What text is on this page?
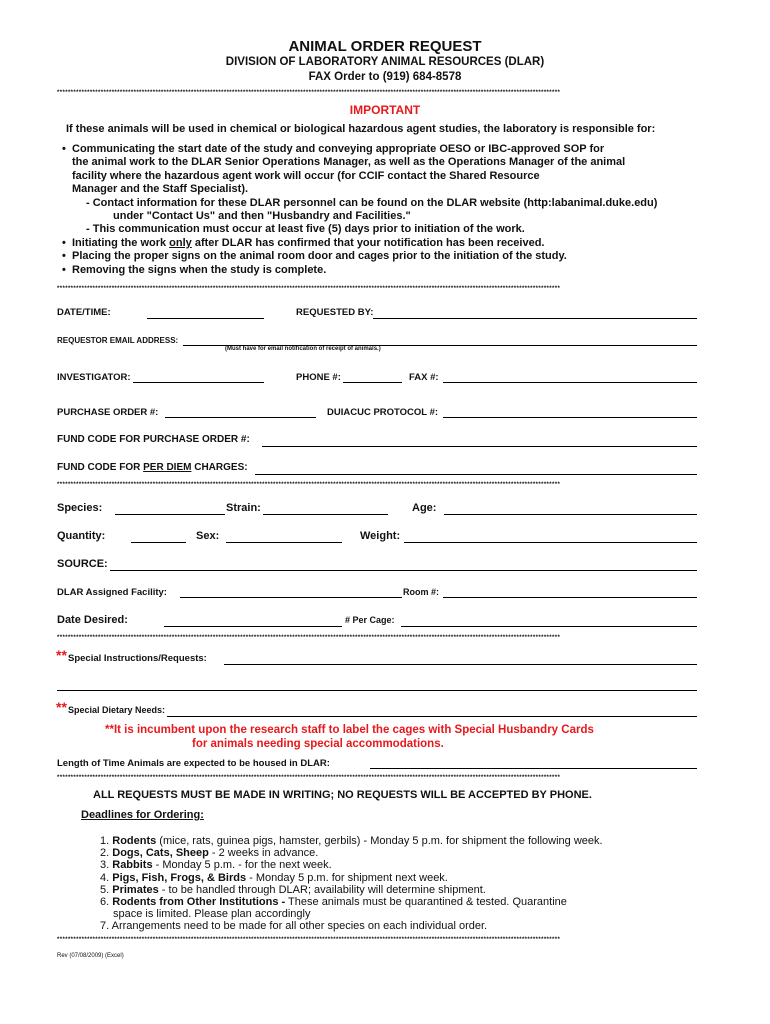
ANIMAL ORDER REQUEST
DIVISION OF LABORATORY ANIMAL RESOURCES (DLAR)
FAX Order to (919) 684-8578
****************************************************************************************************************************************************************************************
IMPORTANT
If these animals will be used in chemical or biological hazardous agent studies, the laboratory is responsible for:
• Communicating the start date of the study and conveying appropriate OESO or IBC-approved SOP for
the animal work to the DLAR Senior Operations Manager, as well as the Operations Manager of the animal
facility where the hazardous agent work will occur (for CCIF contact the Shared Resource
Manager and the Staff Specialist).
- Contact information for these DLAR personnel can be found on the DLAR website (http:labanimal.duke.edu)
under "Contact Us" and then "Husbandry and Facilities."
- This communication must occur at least five (5) days prior to initiation of the work.
• Initiating the work only after DLAR has confirmed that your notification has been received.
• Placing the proper signs on the animal room door and cages prior to the initiation of the study.
• Removing the signs when the study is complete.
****************************************************************************************************************************************************************************************
DATE/TIME:	REQUESTED BY:
REQUESTOR EMAIL ADDRESS:
(Must have for email notification of receipt of animals.)
INVESTIGATOR:	PHONE #:	FAX #:
PURCHASE ORDER #:	DUIACUC PROTOCOL #:
FUND CODE FOR PURCHASE ORDER #:
FUND CODE FOR PER DIEM CHARGES:
****************************************************************************************************************************************************************************************
Species:	Strain:	Age:
Quantity:	Sex:	Weight:
SOURCE:
DLAR Assigned Facility:	Room #:
Date Desired:	# Per Cage:
****************************************************************************************************************************************************************************************
** Special Instructions/Requests:
** Special Dietary Needs:
**It is incumbent upon the research staff to label the cages with Special Husbandry Cards
for animals needing special accommodations.
Length of Time Animals are expected to be housed in DLAR:
****************************************************************************************************************************************************************************************
ALL REQUESTS MUST BE MADE IN WRITING; NO REQUESTS WILL BE ACCEPTED BY PHONE.
Deadlines for Ordering:
1. Rodents (mice, rats, guinea pigs, hamster, gerbils) - Monday 5 p.m. for shipment the following week.
2. Dogs, Cats, Sheep - 2 weeks in advance.
3. Rabbits - Monday 5 p.m. - for the next week.
4. Pigs, Fish, Frogs, & Birds - Monday 5 p.m. for shipment next week.
5. Primates - to be handled through DLAR; availability will determine shipment.
6. Rodents from Other Institutions - These animals must be quarantined & tested. Quarantine
space is limited. Please plan accordingly
7. Arrangements need to be made for all other species on each individual order.
****************************************************************************************************************************************************************************************
Rev (07/08/2009) (Excel)
